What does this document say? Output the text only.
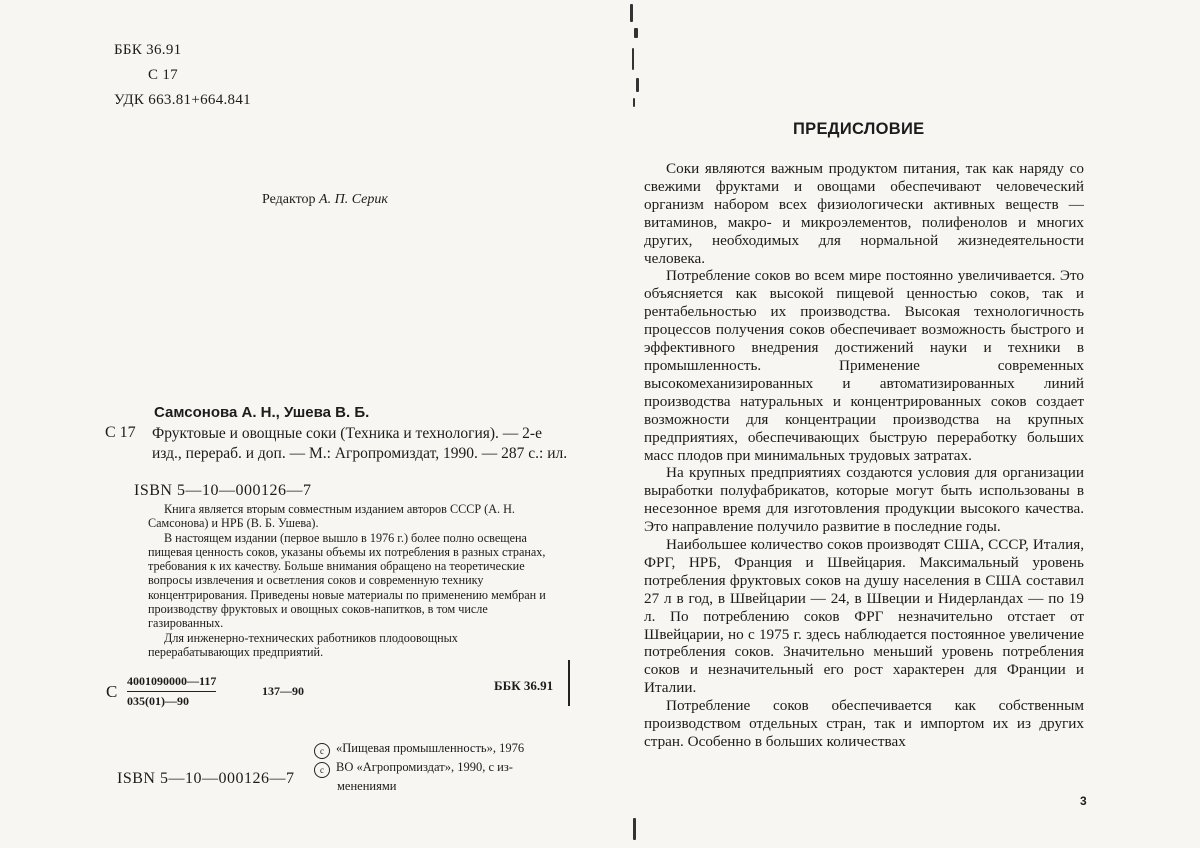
ББК 36.91
С 17
УДК 663.81+664.841
Редактор А. П. Серик
Самсонова А. Н., Ушева В. Б.
С 17 Фруктовые и овощные соки (Техника и технология). — 2-е изд., перераб. и доп. — М.: Агропромиздат, 1990. — 287 с.: ил.
ISBN 5—10—000126—7

Книга является вторым совместным изданием авторов СССР (А. Н. Самсонова) и НРБ (В. Б. Ушева).

В настоящем издании (первое вышло в 1976 г.) более полно освещена пищевая ценность соков, указаны объемы их потребления в разных странах, требования к их качеству. Больше внимания обращено на теоретические вопросы извлечения и осветления соков и современную технику концентрирования. Приведены новые материалы по применению мембран и производству фруктовых и овощных соков-напитков, в том числе газированных.

Для инженерно-технических работников плодоовощных перерабатывающих предприятий.

С
4001090000—117
035(01)—90
137—90	ББК 36.91
c «Пищевая промышленность», 1976
c ВО «Агропромиздат», 1990, с из-
менениями
ISBN 5—10—000126—7
ПРЕДИСЛОВИЕ

Соки являются важным продуктом питания, так как наряду со свежими фруктами и овощами обеспечивают человеческий организм набором всех физиологически активных веществ — витаминов, макро- и микроэлементов, полифенолов и многих других, необходимых для нормальной жизнедеятельности человека.

Потребление соков во всем мире постоянно увеличивается. Это объясняется как высокой пищевой ценностью соков, так и рентабельностью их производства. Высокая технологичность процессов получения соков обеспечивает возможность быстрого и эффективного внедрения достижений науки и техники в промышленность. Применение современных высокомеханизированных и автоматизированных линий производства натуральных и концентрированных соков создает возможности для концентрации производства на крупных предприятиях, обеспечивающих быструю переработку больших масс плодов при минимальных трудовых затратах.

На крупных предприятиях создаются условия для организации выработки полуфабрикатов, которые могут быть использованы в несезонное время для изготовления продукции высокого качества. Это направление получило развитие в последние годы.

Наибольшее количество соков производят США, СССР, Италия, ФРГ, НРБ, Франция и Швейцария. Максимальный уровень потребления фруктовых соков на душу населения в США составил 27 л в год, в Швейцарии — 24, в Швеции и Нидерландах — по 19 л. По потреблению соков ФРГ незначительно отстает от Швейцарии, но с 1975 г. здесь наблюдается постоянное увеличение потребления соков. Значительно меньший уровень потребления соков и незначительный его рост характерен для Франции и Италии.

Потребление соков обеспечивается как собственным производством отдельных стран, так и импортом их из других стран. Особенно в больших количествах

3
